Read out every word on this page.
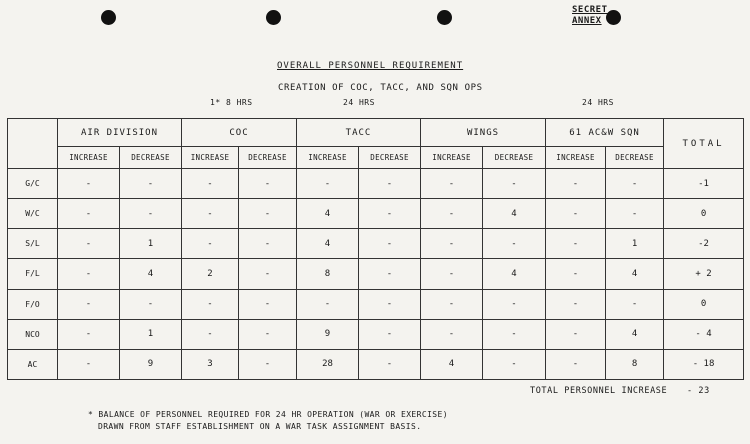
SECRET
ANNEX
OVERALL PERSONNEL REQUIREMENT
CREATION OF COC, TACC, AND SQN OPS
1* 8 HRS	24 HRS	24 HRS
	AIR DIVISION		COC		TACC		WINGS		61 AC&W SQN		TOTAL
	INCREASE	DECREASE	INCREASE	DECREASE	INCREASE	DECREASE	INCREASE	DECREASE	INCREASE	DECREASE	
G/C	-	-	-	-	-	-	-	-	-	-	-1
W/C	-	-	-	-	4	-	-	4	-	-	0
S/L	-	1	-	-	4	-	-	-	-	1	-2
F/L	-	4	2	-	8	-	-	4	-	4	+ 2
F/O	-	-	-	-	-	-	-	-	-	-	0
NCO	-	1	-	-	9	-	-	-	-	4	- 4
AC	-	9	3	-	28	-	4	-	-	8	- 18
TOTAL PERSONNEL INCREASE - 23
* BALANCE OF PERSONNEL REQUIRED FOR 24 HR OPERATION (WAR OR EXERCISE)
DRAWN FROM STAFF ESTABLISHMENT ON A WAR TASK ASSIGNMENT BASIS.
